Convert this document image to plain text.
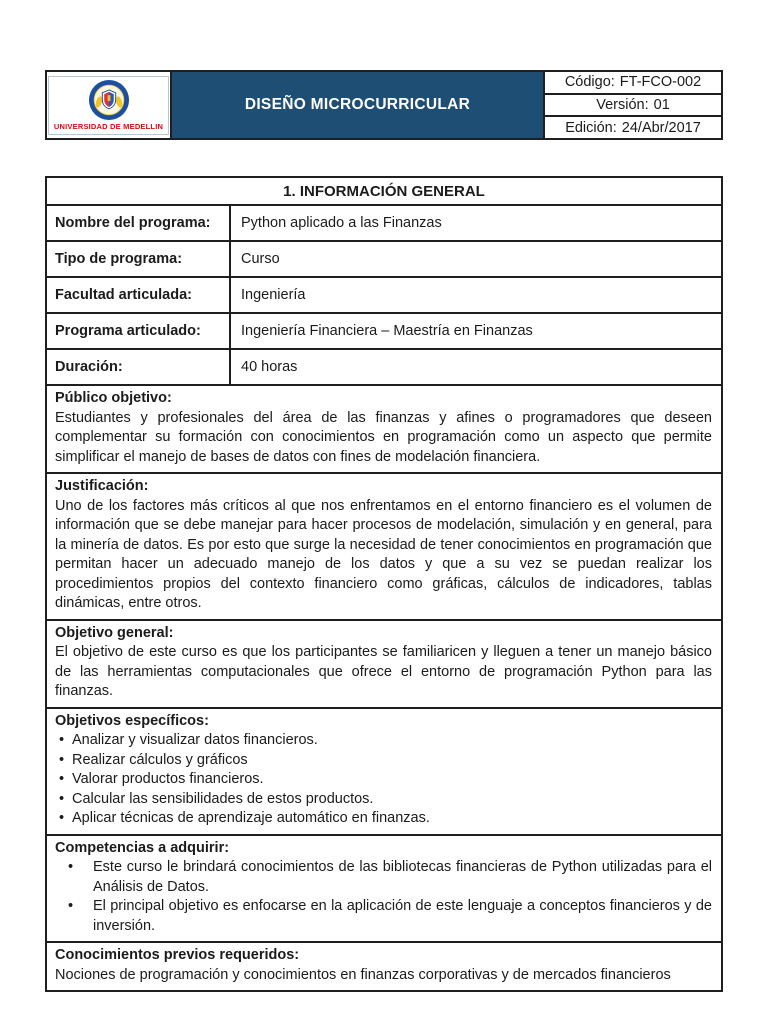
UNIVERSIDAD DE MEDELLIN
DISEÑO MICROCURRICULAR
Código: FT-FCO-002
Versión: 01
Edición: 24/Abr/2017
1. INFORMACIÓN GENERAL
Nombre del programa:	Python aplicado a las Finanzas
Tipo de programa:	Curso
Facultad articulada:	Ingeniería
Programa articulado:	Ingeniería Financiera – Maestría en Finanzas
Duración:	40 horas
Público objetivo:
Estudiantes y profesionales del área de las finanzas y afines o programadores que deseen complementar su formación con conocimientos en programación como un aspecto que permite simplificar el manejo de bases de datos con fines de modelación financiera.
Justificación:
Uno de los factores más críticos al que nos enfrentamos en el entorno financiero es el volumen de información que se debe manejar para hacer procesos de modelación, simulación y en general, para la minería de datos. Es por esto que surge la necesidad de tener conocimientos en programación que permitan hacer un adecuado manejo de los datos y que a su vez se puedan realizar los procedimientos propios del contexto financiero como gráficas, cálculos de indicadores, tablas dinámicas, entre otros.
Objetivo general:
El objetivo de este curso es que los participantes se familiaricen y lleguen a tener un manejo básico de las herramientas computacionales que ofrece el entorno de programación Python para las finanzas.
Objetivos específicos:
• Analizar y visualizar datos financieros.
• Realizar cálculos y gráficos
• Valorar productos financieros.
• Calcular las sensibilidades de estos productos.
• Aplicar técnicas de aprendizaje automático en finanzas.
Competencias a adquirir:
• Este curso le brindará conocimientos de las bibliotecas financieras de Python utilizadas para el Análisis de Datos.
• El principal objetivo es enfocarse en la aplicación de este lenguaje a conceptos financieros y de inversión.
Conocimientos previos requeridos:
Nociones de programación y conocimientos en finanzas corporativas y de mercados financieros
